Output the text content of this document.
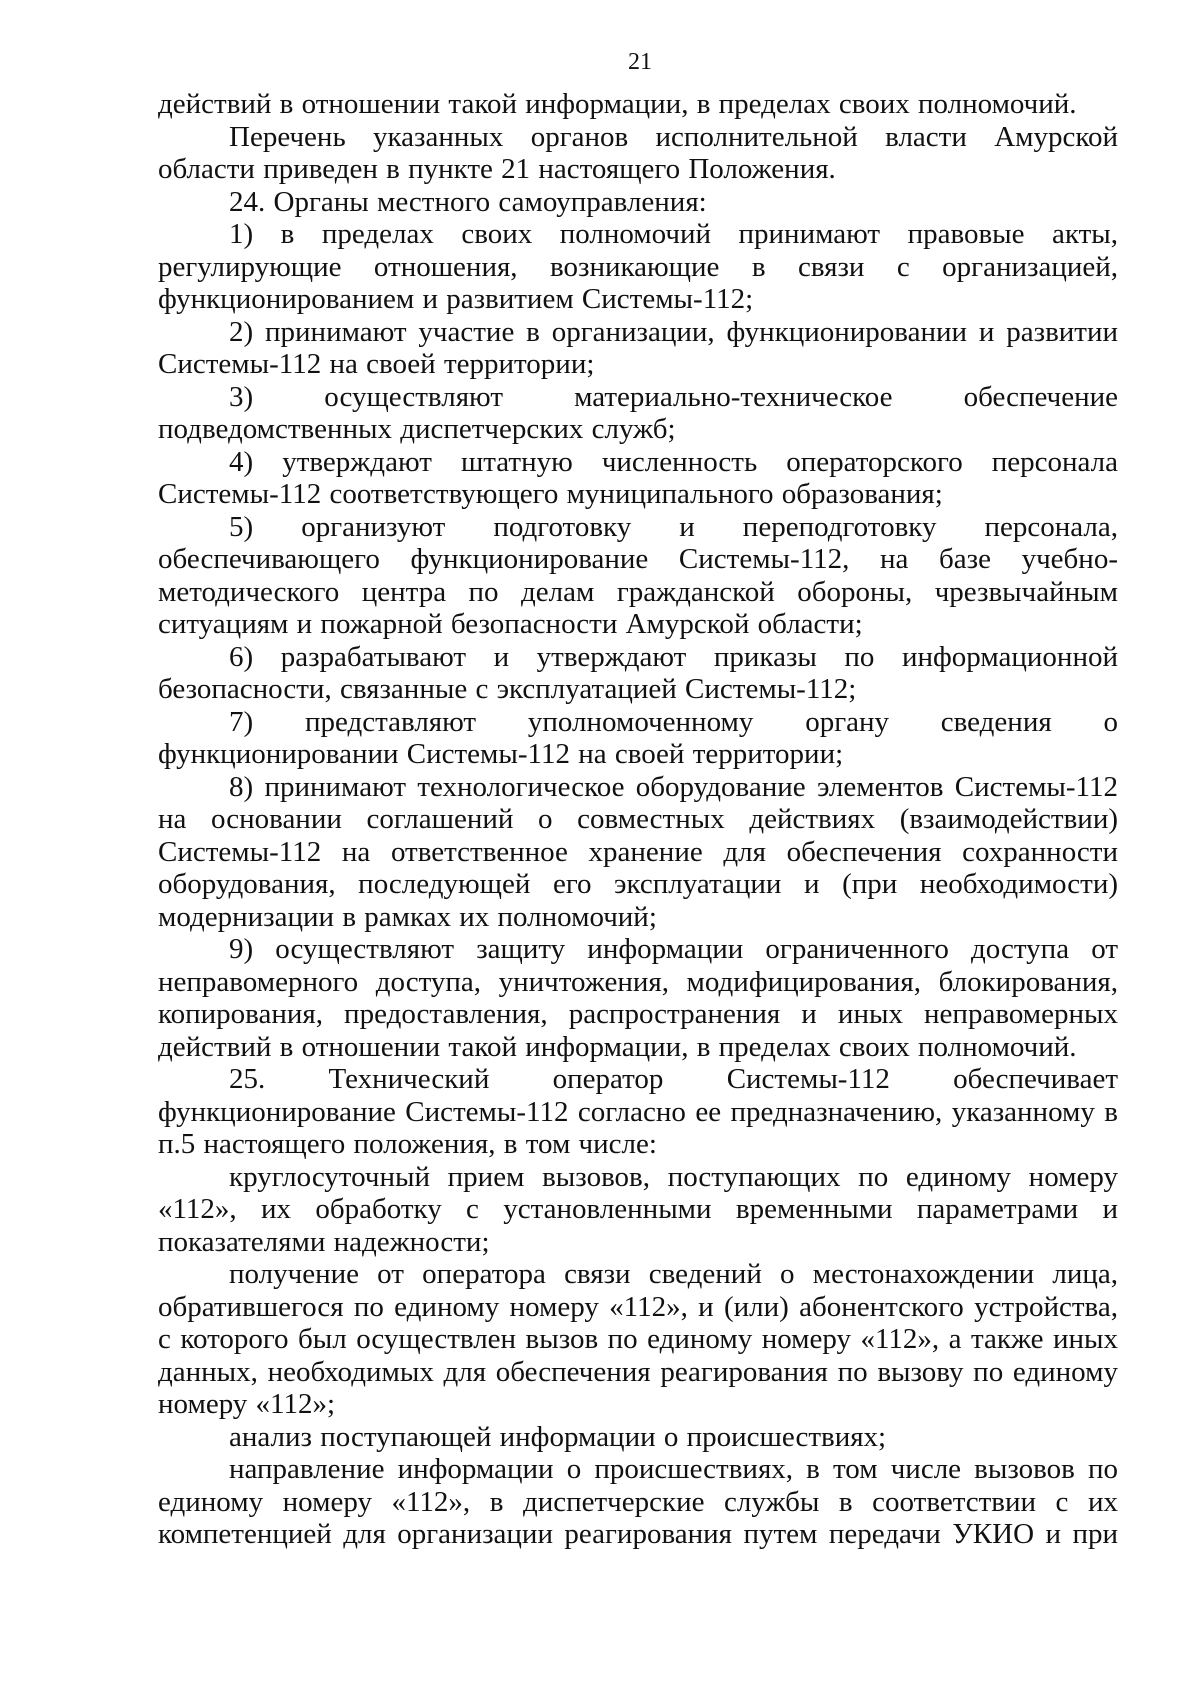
21

действий в отношении такой информации, в пределах своих полномочий.

Перечень указанных органов исполнительной власти Амурской области приведен в пункте 21 настоящего Положения.

24. Органы местного самоуправления:

1) в пределах своих полномочий принимают правовые акты, регулирующие отношения, возникающие в связи с организацией, функционированием и развитием Системы-112;

2) принимают участие в организации, функционировании и развитии Системы-112 на своей территории;

3) осуществляют материально-техническое обеспечение подведомственных диспетчерских служб;

4) утверждают штатную численность операторского персонала Системы-112 соответствующего муниципального образования;

5) организуют подготовку и переподготовку персонала, обеспечивающего функционирование Системы-112, на базе учебно-методического центра по делам гражданской обороны, чрезвычайным ситуациям и пожарной безопасности Амурской области;

6) разрабатывают и утверждают приказы по информационной безопасности, связанные с эксплуатацией Системы-112;

7) представляют уполномоченному органу сведения о функционировании Системы-112 на своей территории;

8) принимают технологическое оборудование элементов Системы-112 на основании соглашений о совместных действиях (взаимодействии) Системы-112 на ответственное хранение для обеспечения сохранности оборудования, последующей его эксплуатации и (при необходимости) модернизации в рамках их полномочий;

9) осуществляют защиту информации ограниченного доступа от неправомерного доступа, уничтожения, модифицирования, блокирования, копирования, предоставления, распространения и иных неправомерных действий в отношении такой информации, в пределах своих полномочий.

25. Технический оператор Системы-112 обеспечивает функционирование Системы-112 согласно ее предназначению, указанному в п.5 настоящего положения, в том числе:

круглосуточный прием вызовов, поступающих по единому номеру «112», их обработку с установленными временными параметрами и показателями надежности;

получение от оператора связи сведений о местонахождении лица, обратившегося по единому номеру «112», и (или) абонентского устройства, с которого был осуществлен вызов по единому номеру «112», а также иных данных, необходимых для обеспечения реагирования по вызову по единому номеру «112»;

анализ поступающей информации о происшествиях;

направление информации о происшествиях, в том числе вызовов по единому номеру «112», в диспетчерские службы в соответствии с их компетенцией для организации реагирования путем передачи УКИО и при
